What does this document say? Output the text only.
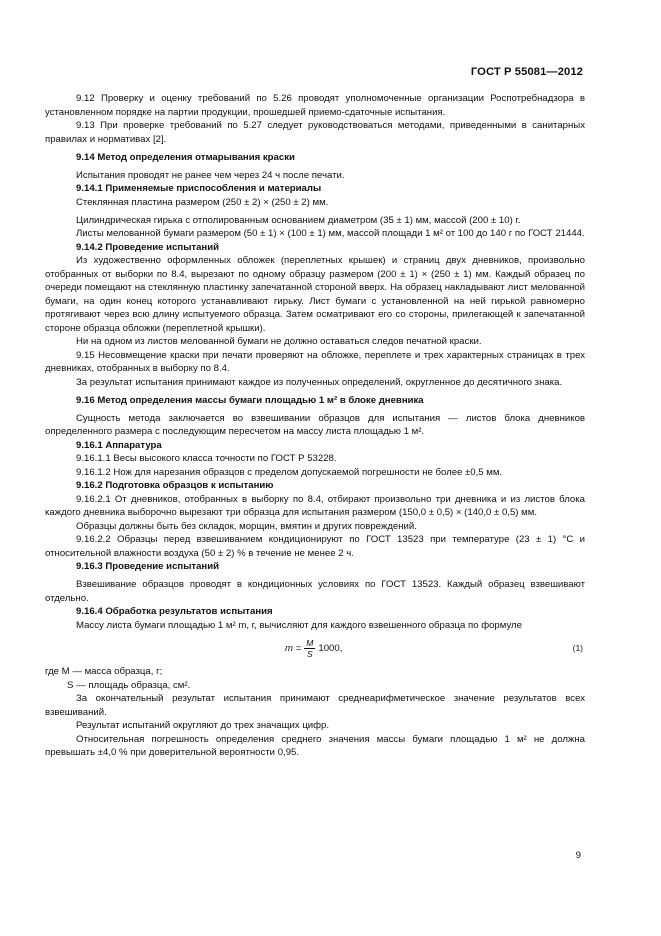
ГОСТ Р 55081—2012

9.12 Проверку и оценку требований по 5.26 проводят уполномоченные организации Роспотребнадзора в установленном порядке на партии продукции, прошедшей приемо-сдаточные испытания.

9.13 При проверке требований по 5.27 следует руководствоваться методами, приведенными в санитарных правилах и нормативах [2].

9.14 Метод определения отмарывания краски

Испытания проводят не ранее чем через 24 ч после печати.

9.14.1 Применяемые приспособления и материалы

Стеклянная пластина размером (250 ± 2) × (250 ± 2) мм.

Цилиндрическая гирька с отполированным основанием диаметром (35 ± 1) мм, массой (200 ± 10) г.

Листы мелованной бумаги размером (50 ± 1) × (100 ± 1) мм, массой площади 1 м² от 100 до 140 г по ГОСТ 21444.

9.14.2 Проведение испытаний

Из художественно оформленных обложек (переплетных крышек) и страниц двух дневников, произвольно отобранных от выборки по 8.4, вырезают по одному образцу размером (200 ± 1) × (250 ± 1) мм. Каждый образец по очереди помещают на стеклянную пластинку запечатанной стороной вверх. На образец накладывают лист мелованной бумаги, на один конец которого устанавливают гирьку. Лист бумаги с установленной на ней гирькой равномерно протягивают через всю длину испытуемого образца. Затем осматривают его со стороны, прилегающей к запечатанной стороне образца обложки (переплетной крышки).

Ни на одном из листов мелованной бумаги не должно оставаться следов печатной краски.

9.15 Несовмещение краски при печати проверяют на обложке, переплете и трех характерных страницах в трех дневниках, отобранных в выборку по 8.4.

За результат испытания принимают каждое из полученных определений, округленное до десятичного знака.

9.16 Метод определения массы бумаги площадью 1 м² в блоке дневника

Сущность метода заключается во взвешивании образцов для испытания — листов блока дневников определенного размера с последующим пересчетом на массу листа площадью 1 м².

9.16.1 Аппаратура

9.16.1.1 Весы высокого класса точности по ГОСТ Р 53228.

9.16.1.2 Нож для нарезания образцов с пределом допускаемой погрешности не более ±0,5 мм.

9.16.2 Подготовка образцов к испытанию

9.16.2.1 От дневников, отобранных в выборку по 8.4, отбирают произвольно три дневника и из листов блока каждого дневника выборочно вырезают три образца для испытания размером (150,0 ± 0,5) × (140,0 ± 0,5) мм.

Образцы должны быть без складок, морщин, вмятин и других повреждений.

9.16.2.2 Образцы перед взвешиванием кондиционируют по ГОСТ 13523 при температуре (23 ± 1) °С и относительной влажности воздуха (50 ± 2) % в течение не менее 2 ч.

9.16.3 Проведение испытаний

Взвешивание образцов проводят в кондиционных условиях по ГОСТ 13523. Каждый образец взвешивают отдельно.

9.16.4 Обработка результатов испытания

Массу листа бумаги площадью 1 м² m, г, вычисляют для каждого взвешенного образца по формуле

$m = \frac{M}{S} 1000$,	(1)

где M — масса образца, г;

S — площадь образца, см².

За окончательный результат испытания принимают среднеарифметическое значение результатов всех взвешиваний.

Результат испытаний округляют до трех значащих цифр.

Относительная погрешность определения среднего значения массы бумаги площадью 1 м² не должна превышать ±4,0 % при доверительной вероятности 0,95.

9
